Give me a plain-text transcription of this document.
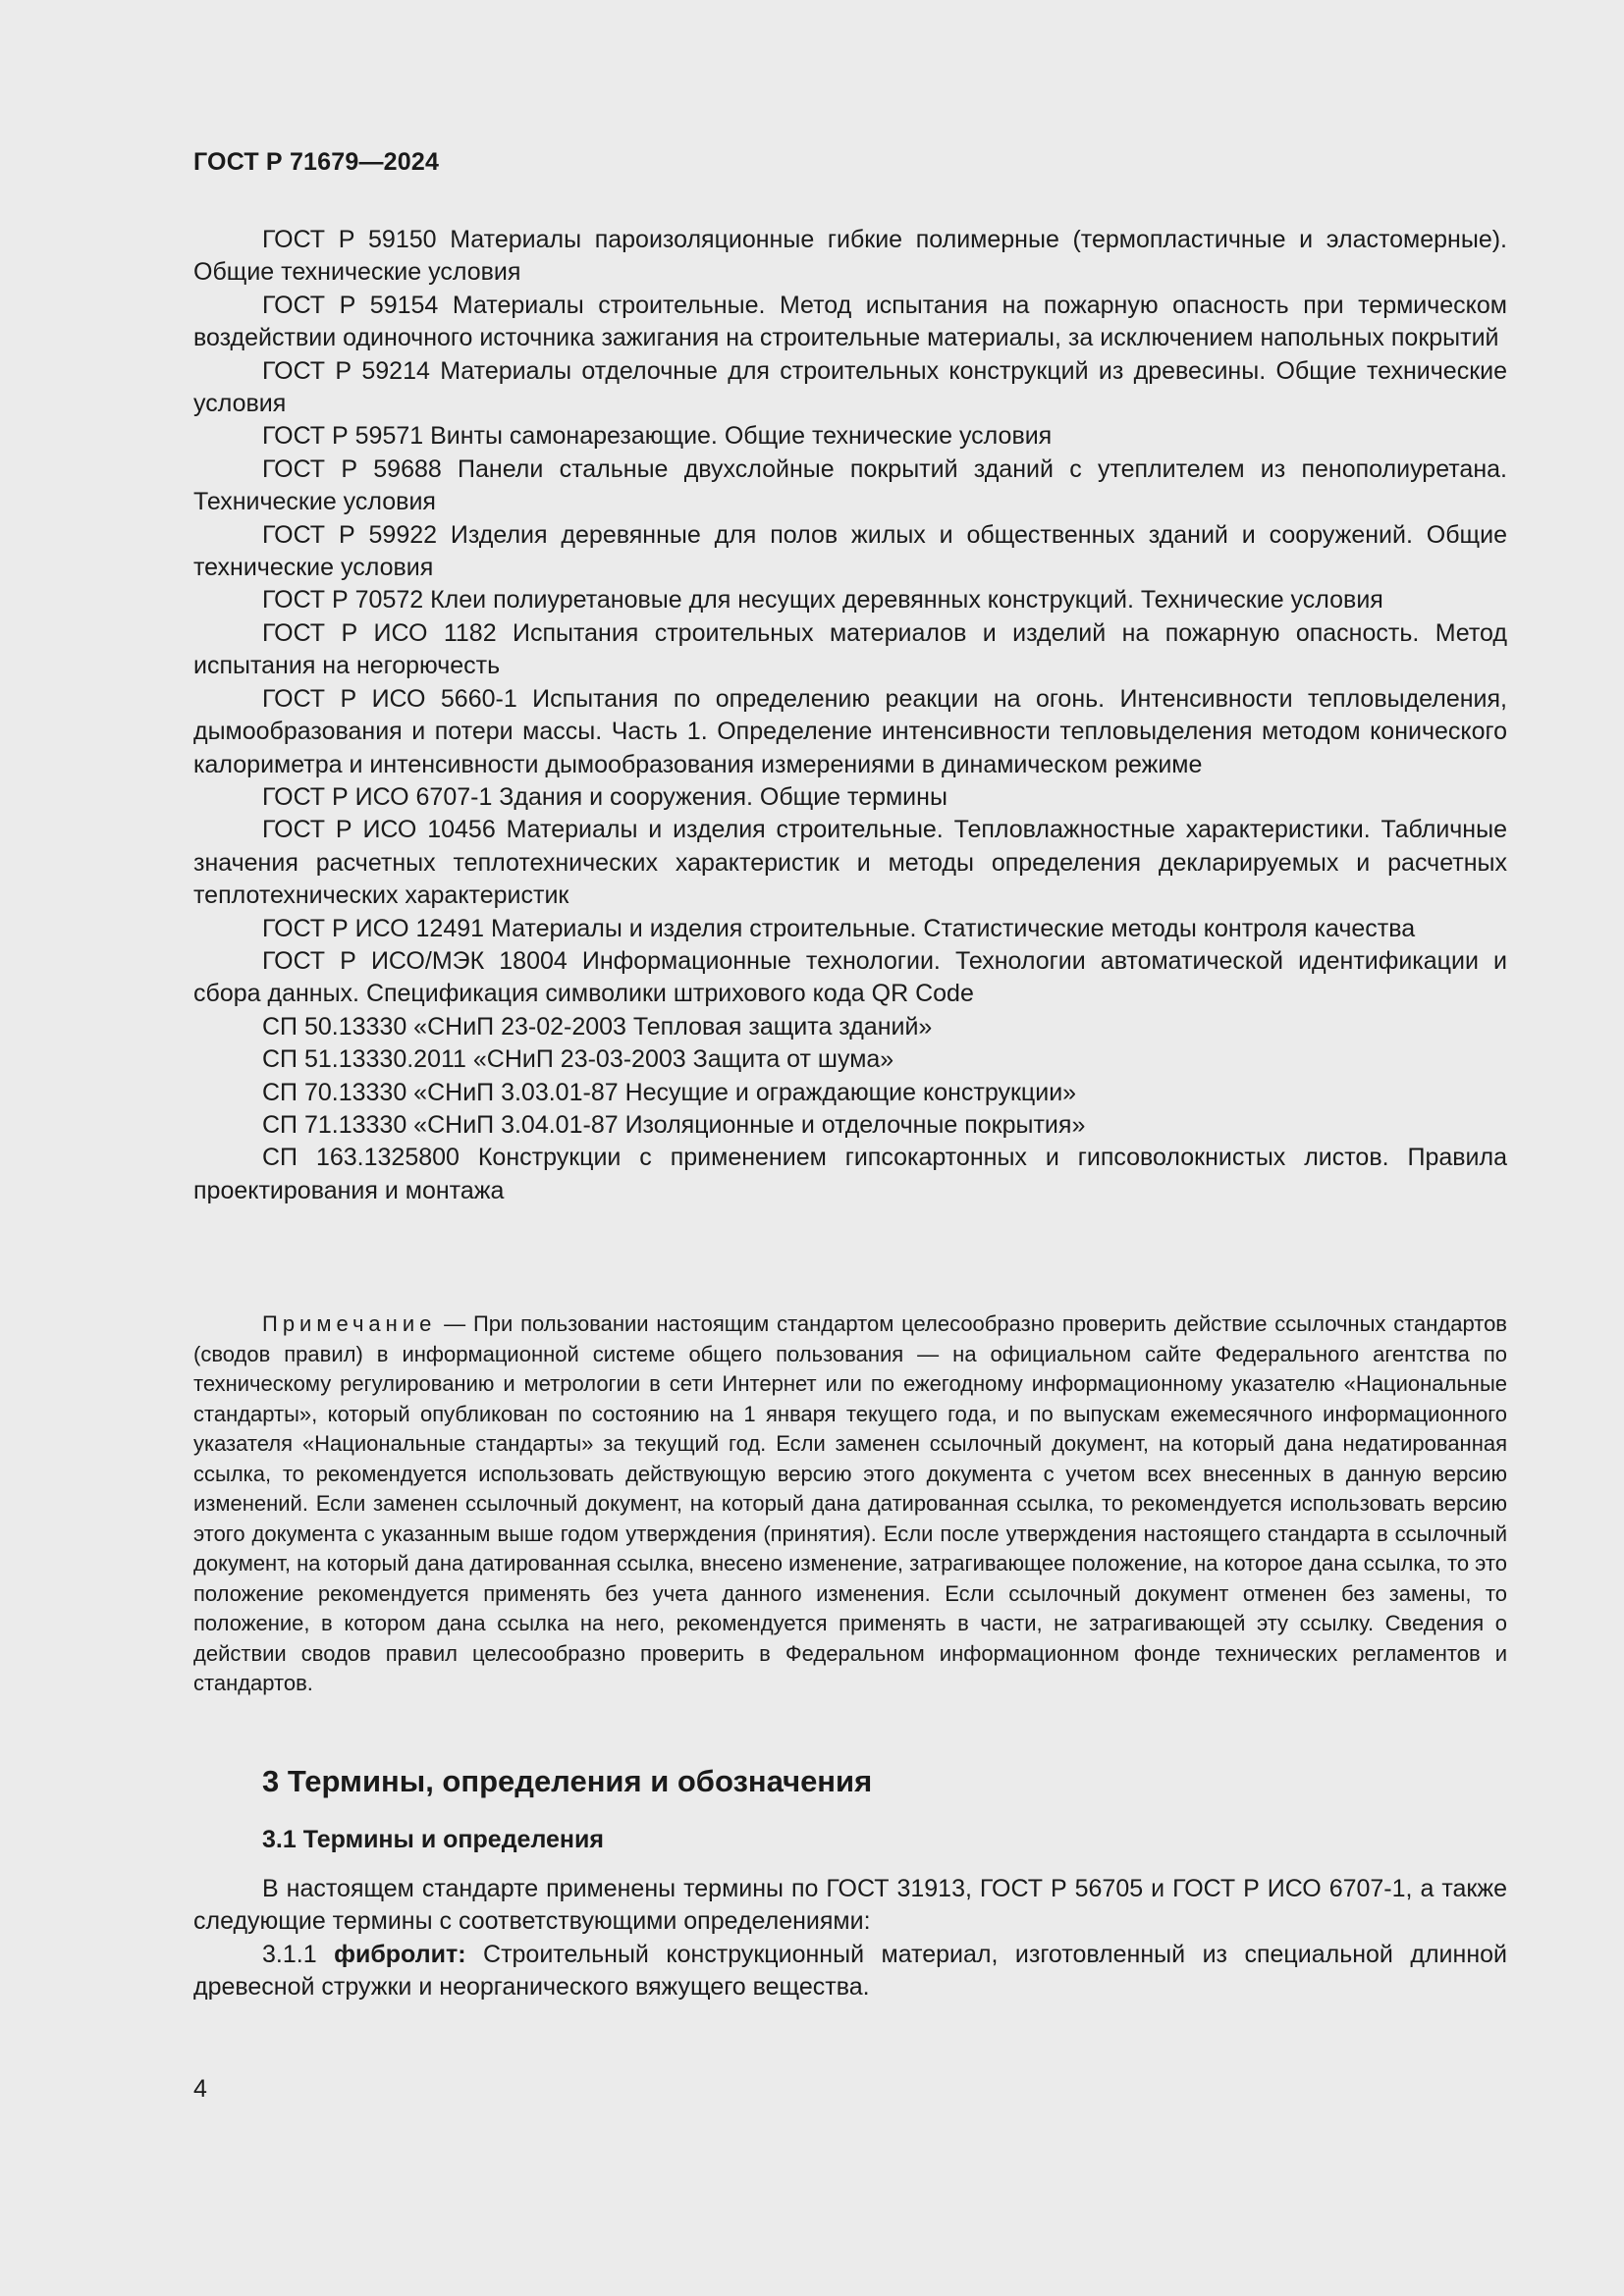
ГОСТ Р 71679—2024

ГОСТ Р 59150 Материалы пароизоляционные гибкие полимерные (термопластичные и эластомерные). Общие технические условия

ГОСТ Р 59154 Материалы строительные. Метод испытания на пожарную опасность при термическом воздействии одиночного источника зажигания на строительные материалы, за исключением напольных покрытий

ГОСТ Р 59214 Материалы отделочные для строительных конструкций из древесины. Общие технические условия

ГОСТ Р 59571 Винты самонарезающие. Общие технические условия

ГОСТ Р 59688 Панели стальные двухслойные покрытий зданий с утеплителем из пенополиуретана. Технические условия

ГОСТ Р 59922 Изделия деревянные для полов жилых и общественных зданий и сооружений. Общие технические условия

ГОСТ Р 70572 Клеи полиуретановые для несущих деревянных конструкций. Технические условия

ГОСТ Р ИСО 1182 Испытания строительных материалов и изделий на пожарную опасность. Метод испытания на негорючесть

ГОСТ Р ИСО 5660-1 Испытания по определению реакции на огонь. Интенсивности тепловыделения, дымообразования и потери массы. Часть 1. Определение интенсивности тепловыделения методом конического калориметра и интенсивности дымообразования измерениями в динамическом режиме

ГОСТ Р ИСО 6707-1 Здания и сооружения. Общие термины

ГОСТ Р ИСО 10456 Материалы и изделия строительные. Тепловлажностные характеристики. Табличные значения расчетных теплотехнических характеристик и методы определения декларируемых и расчетных теплотехнических характеристик

ГОСТ Р ИСО 12491 Материалы и изделия строительные. Статистические методы контроля качества

ГОСТ Р ИСО/МЭК 18004 Информационные технологии. Технологии автоматической идентификации и сбора данных. Спецификация символики штрихового кода QR Code

СП 50.13330 «СНиП 23-02-2003 Тепловая защита зданий»

СП 51.13330.2011 «СНиП 23-03-2003 Защита от шума»

СП 70.13330 «СНиП 3.03.01-87 Несущие и ограждающие конструкции»

СП 71.13330 «СНиП 3.04.01-87 Изоляционные и отделочные покрытия»

СП 163.1325800 Конструкции с применением гипсокартонных и гипсоволокнистых листов. Правила проектирования и монтажа

Примечание — При пользовании настоящим стандартом целесообразно проверить действие ссылочных стандартов (сводов правил) в информационной системе общего пользования — на официальном сайте Федерального агентства по техническому регулированию и метрологии в сети Интернет или по ежегодному информационному указателю «Национальные стандарты», который опубликован по состоянию на 1 января текущего года, и по выпускам ежемесячного информационного указателя «Национальные стандарты» за текущий год. Если заменен ссылочный документ, на который дана недатированная ссылка, то рекомендуется использовать действующую версию этого документа с учетом всех внесенных в данную версию изменений. Если заменен ссылочный документ, на который дана датированная ссылка, то рекомендуется использовать версию этого документа с указанным выше годом утверждения (принятия). Если после утверждения настоящего стандарта в ссылочный документ, на который дана датированная ссылка, внесено изменение, затрагивающее положение, на которое дана ссылка, то это положение рекомендуется применять без учета данного изменения. Если ссылочный документ отменен без замены, то положение, в котором дана ссылка на него, рекомендуется применять в части, не затрагивающей эту ссылку. Сведения о действии сводов правил целесообразно проверить в Федеральном информационном фонде технических регламентов и стандартов.

3 Термины, определения и обозначения
3.1 Термины и определения

В настоящем стандарте применены термины по ГОСТ 31913, ГОСТ Р 56705 и ГОСТ Р ИСО 6707-1, а также следующие термины с соответствующими определениями:

3.1.1 фибролит: Строительный конструкционный материал, изготовленный из специальной длинной древесной стружки и неорганического вяжущего вещества.

4
